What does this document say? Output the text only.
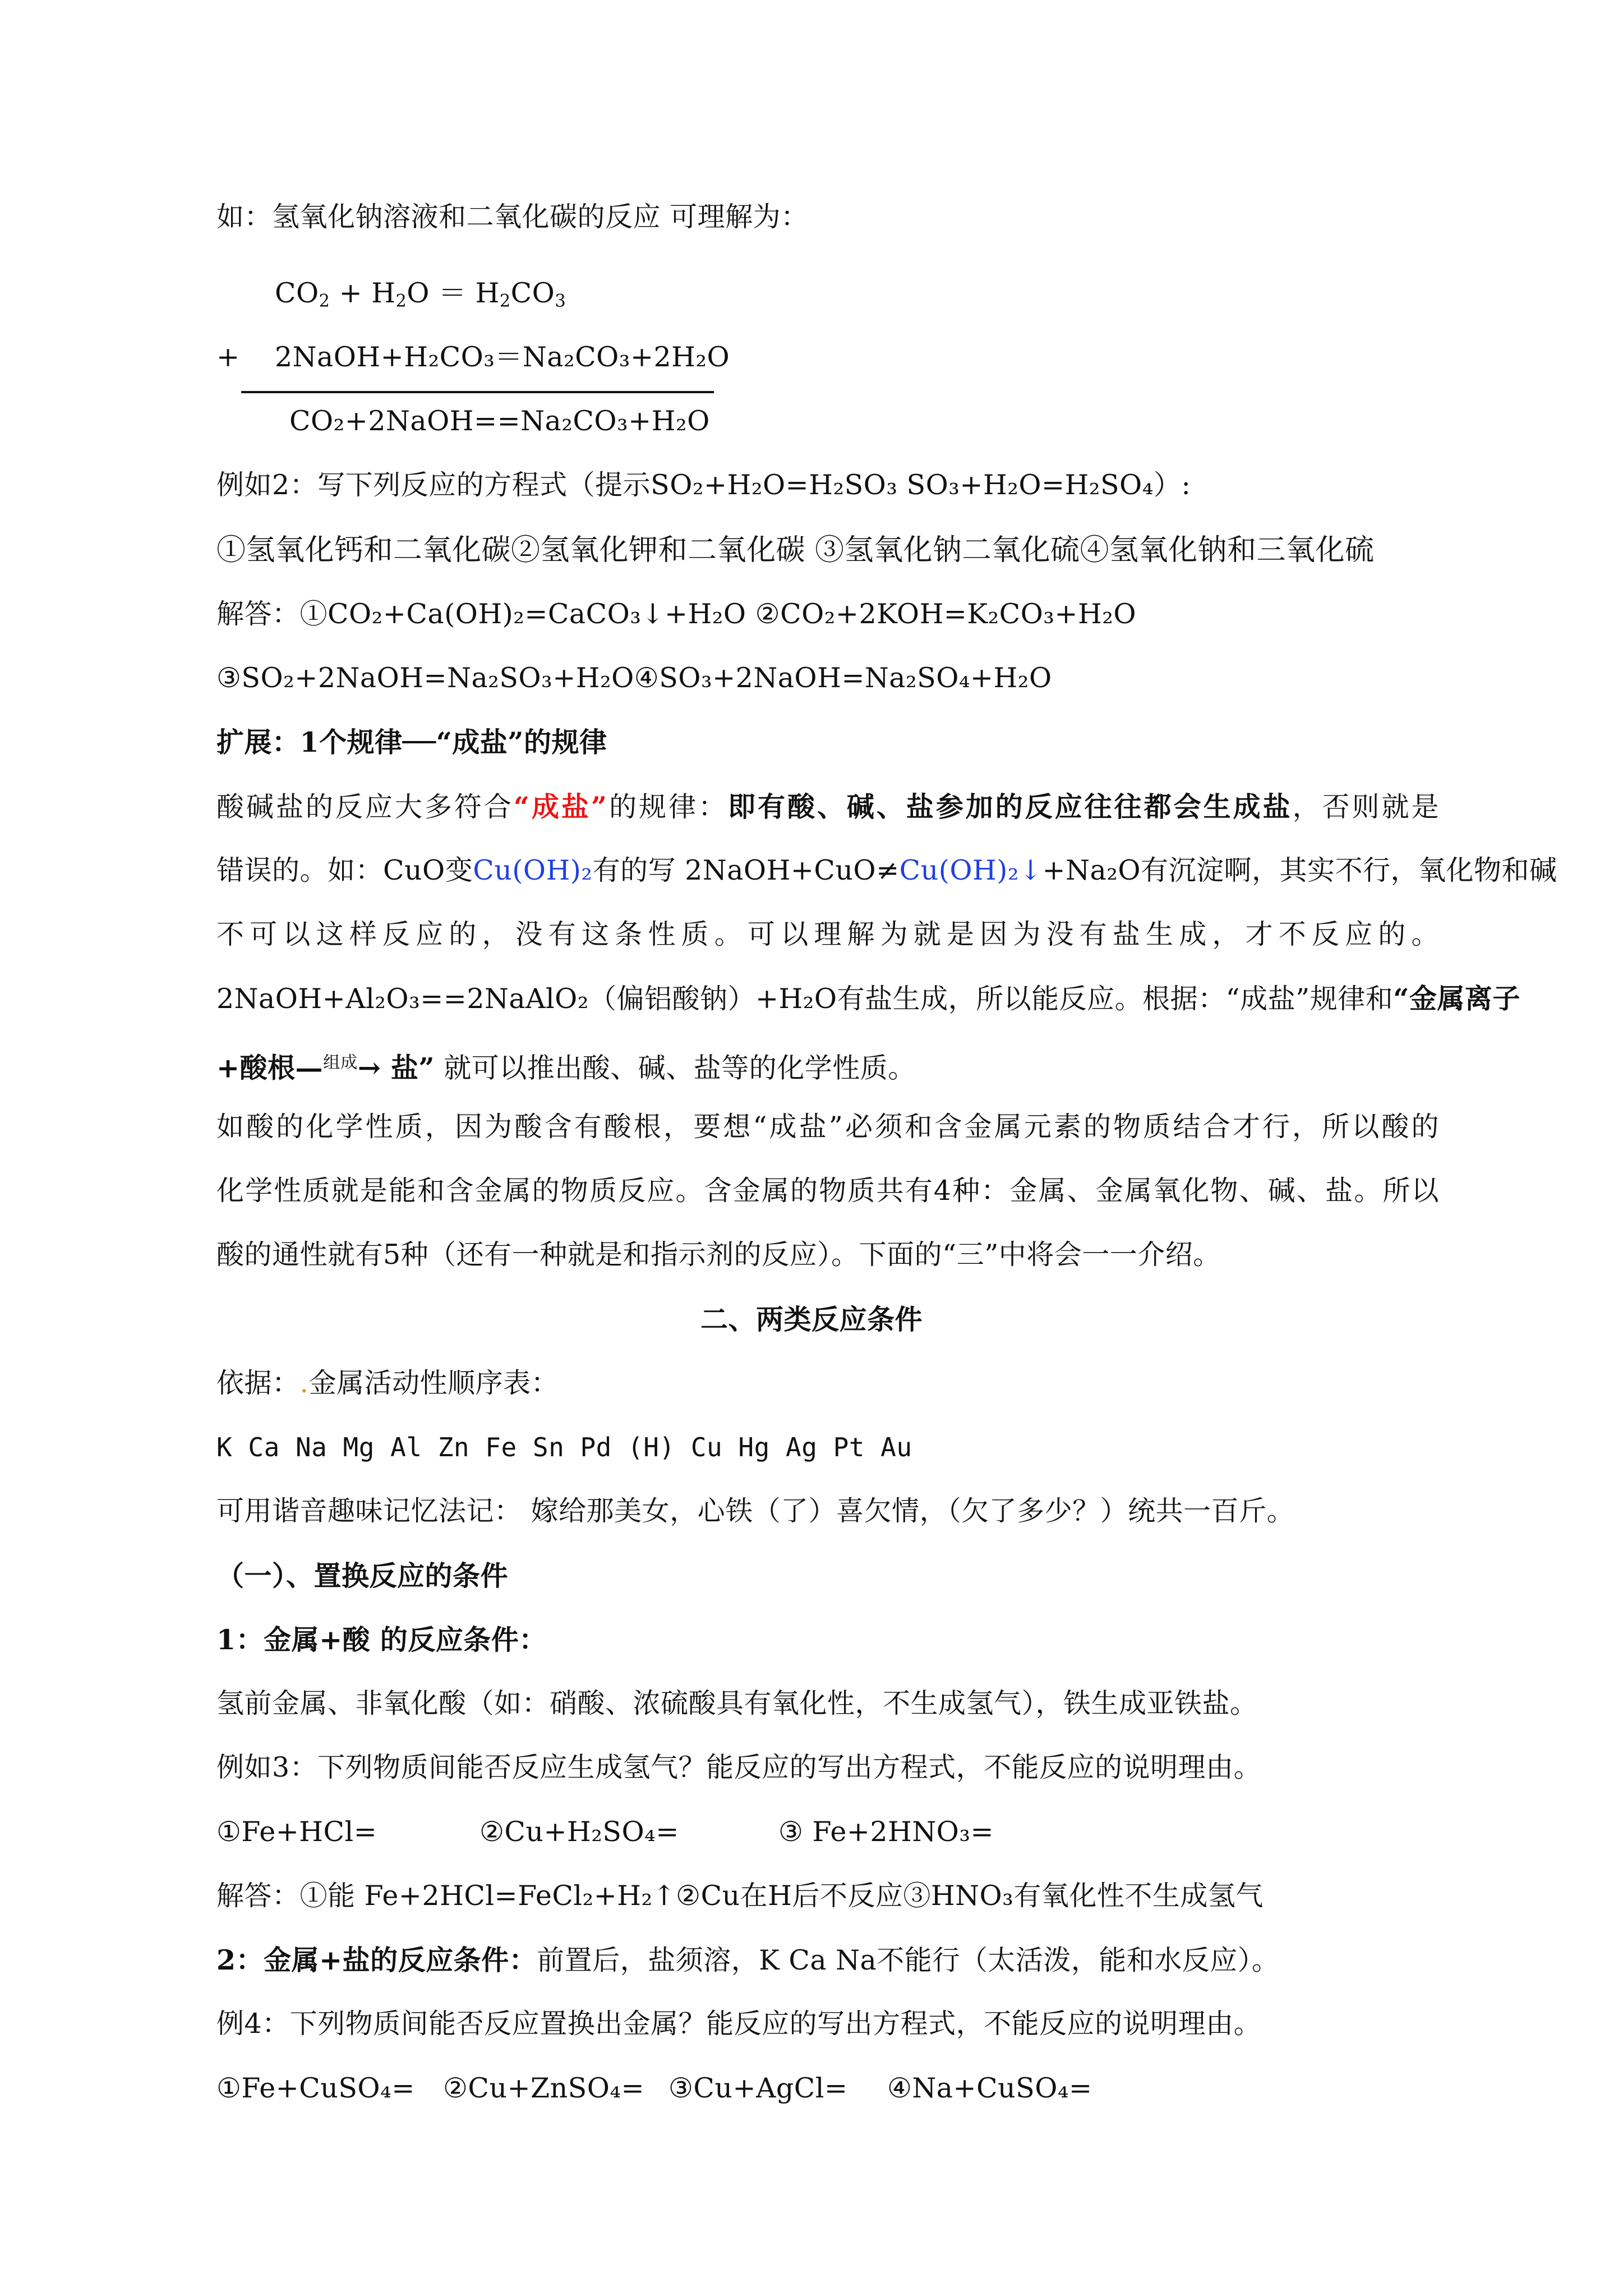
如：氢氧化钠溶液和二氧化碳的反应 可理解为：
$CO_2 + H_2O = H_2CO_3$
+ 2NaOH+H₂CO₃＝Na₂CO₃+2H₂O
CO₂+2NaOH==Na₂CO₃+H₂O
例如2：写下列反应的方程式（提示SO₂+H₂O=H₂SO₃ SO₃+H₂O=H₂SO₄）:
①氢氧化钙和二氧化碳②氢氧化钾和二氧化碳 ③氢氧化钠二氧化硫④氢氧化钠和三氧化硫
解答：①CO₂+Ca(OH)₂=CaCO₃↓+H₂O ②CO₂+2KOH=K₂CO₃+H₂O
③SO₂+2NaOH=Na₂SO₃+H₂O④SO₃+2NaOH=Na₂SO₄+H₂O
扩展：1个规律──“成盐”的规律
酸碱盐的反应大多符合“成盐”的规律：即有酸、碱、盐参加的反应往往都会生成盐，否则就是
错误的。如：CuO变Cu(OH)₂有的写 2NaOH+CuO≠Cu(OH)₂↓+Na₂O有沉淀啊，其实不行，氧化物和碱
不可以这样反应的，没有这条性质。可以理解为就是因为没有盐生成，才不反应的。
2NaOH+Al₂O₃==2NaAlO₂（偏铝酸钠）+H₂O有盐生成，所以能反应。根据：“成盐”规律和“金属离子
+酸根—组成→ 盐” 就可以推出酸、碱、盐等的化学性质。
如酸的化学性质，因为酸含有酸根，要想“成盐”必须和含金属元素的物质结合才行，所以酸的
化学性质就是能和含金属的物质反应。含金属的物质共有4种：金属、金属氧化物、碱、盐。所以
酸的通性就有5种（还有一种就是和指示剂的反应）。下面的“三”中将会一一介绍。
二、两类反应条件
依据：.金属活动性顺序表：
K Ca Na Mg Al Zn Fe Sn Pd (H) Cu Hg Ag Pt Au
可用谐音趣味记忆法记： 嫁给那美女，心铁（了）喜欠情，（欠了多少？）统共一百斤。
（一）、置换反应的条件
1：金属+酸 的反应条件：
氢前金属、非氧化酸（如：硝酸、浓硫酸具有氧化性，不生成氢气），铁生成亚铁盐。
例如3：下列物质间能否反应生成氢气？能反应的写出方程式，不能反应的说明理由。
①Fe+HCl=	②Cu+H₂SO₄=	③ Fe+2HNO₃=
解答：①能 Fe+2HCl=FeCl₂+H₂↑②Cu在H后不反应③HNO₃有氧化性不生成氢气
2：金属+盐的反应条件：前置后，盐须溶，K Ca Na不能行（太活泼，能和水反应）。
例4：下列物质间能否反应置换出金属？能反应的写出方程式，不能反应的说明理由。
①Fe+CuSO₄= ②Cu+ZnSO₄= ③Cu+AgCl= ④Na+CuSO₄=
